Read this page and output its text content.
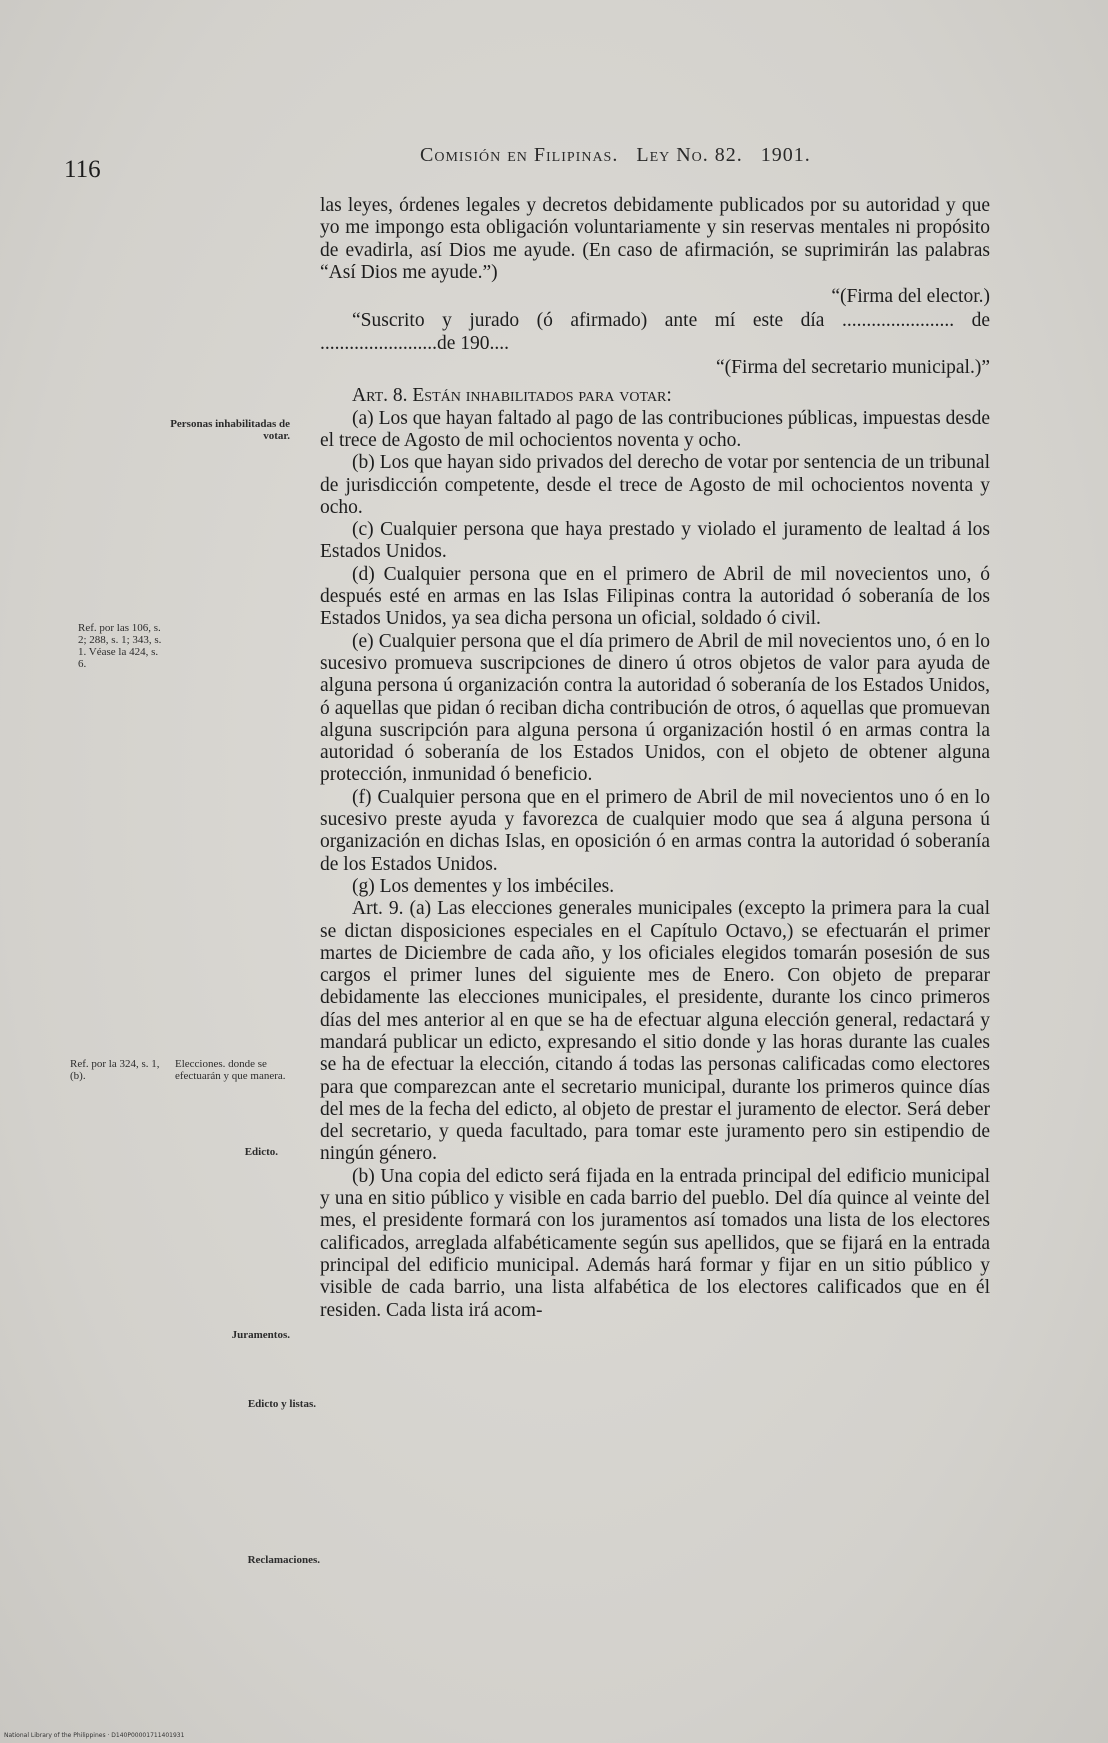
116
Comisión en Filipinas. Ley No. 82. 1901.
Personas inhabilitadas de votar.
Ref. por las 106, s. 2; 288, s. 1; 343, s. 1. Véase la 424, s. 6.
Ref. por la 324, s. 1, (b).
Elecciones. donde se efectuarán y que manera.
Edicto.
Juramentos.
Edicto y listas.
Reclamaciones.

las leyes, órdenes legales y decretos debidamente publicados por su autoridad y que yo me impongo esta obligación voluntariamente y sin reservas mentales ni propósito de evadirla, así Dios me ayude. (En caso de afirmación, se suprimirán las palabras “Así Dios me ayude.”)

“(Firma del elector.)

“Suscrito y jurado (ó afirmado) ante mí este día ....................... de ........................de 190....

“(Firma del secretario municipal.)”

Art. 8. Están inhabilitados para votar:

(a) Los que hayan faltado al pago de las contribuciones públicas, impuestas desde el trece de Agosto de mil ochocientos noventa y ocho.

(b) Los que hayan sido privados del derecho de votar por sentencia de un tribunal de jurisdicción competente, desde el trece de Agosto de mil ochocientos noventa y ocho.

(c) Cualquier persona que haya prestado y violado el juramento de lealtad á los Estados Unidos.

(d) Cualquier persona que en el primero de Abril de mil novecientos uno, ó después esté en armas en las Islas Filipinas contra la autoridad ó soberanía de los Estados Unidos, ya sea dicha persona un oficial, soldado ó civil.

(e) Cualquier persona que el día primero de Abril de mil novecientos uno, ó en lo sucesivo promueva suscripciones de dinero ú otros objetos de valor para ayuda de alguna persona ú organización contra la autoridad ó soberanía de los Estados Unidos, ó aquellas que pidan ó reciban dicha contribución de otros, ó aquellas que promuevan alguna suscripción para alguna persona ú organización hostil ó en armas contra la autoridad ó soberanía de los Estados Unidos, con el objeto de obtener alguna protección, inmunidad ó beneficio.

(f) Cualquier persona que en el primero de Abril de mil novecientos uno ó en lo sucesivo preste ayuda y favorezca de cualquier modo que sea á alguna persona ú organización en dichas Islas, en oposición ó en armas contra la autoridad ó soberanía de los Estados Unidos.

(g) Los dementes y los imbéciles.

Art. 9. (a) Las elecciones generales municipales (excepto la primera para la cual se dictan disposiciones especiales en el Capítulo Octavo,) se efectuarán el primer martes de Diciembre de cada año, y los oficiales elegidos tomarán posesión de sus cargos el primer lunes del siguiente mes de Enero. Con objeto de preparar debidamente las elecciones municipales, el presidente, durante los cinco primeros días del mes anterior al en que se ha de efectuar alguna elección general, redactará y mandará publicar un edicto, expresando el sitio donde y las horas durante las cuales se ha de efectuar la elección, citando á todas las personas calificadas como electores para que comparezcan ante el secretario municipal, durante los primeros quince días del mes de la fecha del edicto, al objeto de prestar el juramento de elector. Será deber del secretario, y queda facultado, para tomar este juramento pero sin estipendio de ningún género.

(b) Una copia del edicto será fijada en la entrada principal del edificio municipal y una en sitio público y visible en cada barrio del pueblo. Del día quince al veinte del mes, el presidente formará con los juramentos así tomados una lista de los electores calificados, arreglada alfabéticamente según sus apellidos, que se fijará en la entrada principal del edificio municipal. Además hará formar y fijar en un sitio público y visible de cada barrio, una lista alfabética de los electores calificados que en él residen. Cada lista irá acom-

National Library of the Philippines · D140P00001711401931
